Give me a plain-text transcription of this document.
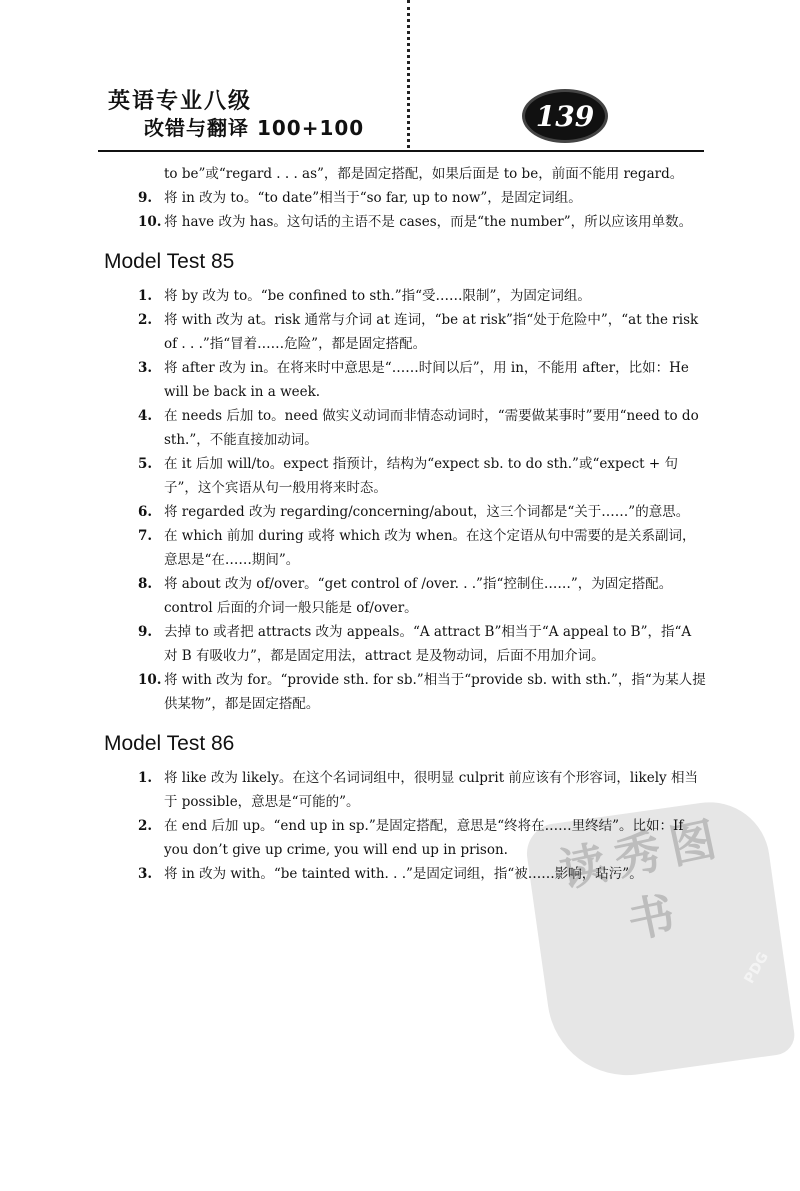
英语专业八级
改错与翻译 100+100	139
读秀图书
PDG
to be”或“regard . . . as”，都是固定搭配，如果后面是 to be，前面不能用 regard。
9. 将 in 改为 to。“to date”相当于“so far, up to now”，是固定词组。
10. 将 have 改为 has。这句话的主语不是 cases，而是“the number”，所以应该用单数。
Model Test 85
1. 将 by 改为 to。“be confined to sth.”指“受……限制”，为固定词组。
2. 将 with 改为 at。risk 通常与介词 at 连词，“be at risk”指“处于危险中”，“at the risk of . . .”指“冒着……危险”，都是固定搭配。
3. 将 after 改为 in。在将来时中意思是“……时间以后”，用 in，不能用 after，比如：He will be back in a week.
4. 在 needs 后加 to。need 做实义动词而非情态动词时，“需要做某事时”要用“need to do sth.”，不能直接加动词。
5. 在 it 后加 will/to。expect 指预计，结构为“expect sb. to do sth.”或“expect + 句子”，这个宾语从句一般用将来时态。
6. 将 regarded 改为 regarding/concerning/about，这三个词都是“关于……”的意思。
7. 在 which 前加 during 或将 which 改为 when。在这个定语从句中需要的是关系副词，意思是“在……期间”。
8. 将 about 改为 of/over。“get control of /over. . .”指“控制住……”，为固定搭配。control 后面的介词一般只能是 of/over。
9. 去掉 to 或者把 attracts 改为 appeals。“A attract B”相当于“A appeal to B”，指“A 对 B 有吸收力”，都是固定用法，attract 是及物动词，后面不用加介词。
10. 将 with 改为 for。“provide sth. for sb.”相当于“provide sb. with sth.”，指“为某人提供某物”，都是固定搭配。
Model Test 86
1. 将 like 改为 likely。在这个名词词组中，很明显 culprit 前应该有个形容词，likely 相当于 possible，意思是“可能的”。
2. 在 end 后加 up。“end up in sp.”是固定搭配，意思是“终将在……里终结”。比如：If you don’t give up crime, you will end up in prison.
3. 将 in 改为 with。“be tainted with. . .”是固定词组，指“被……影响，玷污”。
